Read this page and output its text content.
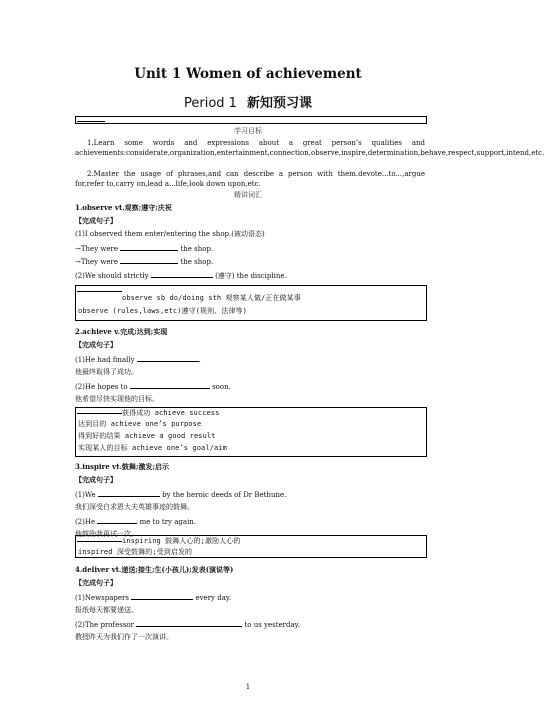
Unit 1 Women of achievement
Period 1 新知预习课
学习目标
1.Learn some words and expressions about a great person’s qualities and achievements:considerate,organization,entertainment,connection,observe,inspire,determination,behave,respect,support,intend,etc.
2.Master the usage of phrases,and can describe a person with them.devote...to...,argue for,refer to,carry on,lead a...life,look down upon,etc.
精讲词汇
1.observe vt.观察;遵守;庆祝
【完成句子】
(1)I observed them enter/entering the shop.(被动语态)
→They were	the shop.
→They were	the shop.
(2)We should strictly	(遵守) the discipline.
observe sb do/doing sth 观察某人做/正在做某事
observe (rules,laws,etc)遵守(规则、法律等)
2.achieve v.完成;达到;实现
【完成句子】
(1)He had finally	.
他最终取得了成功。
(2)He hopes to	soon.
他希望尽快实现他的目标。
获得成功 achieve success
达到目的 achieve one’s purpose
得到好的结果 achieve a good result
实现某人的目标 achieve one’s goal/aim
3.inspire vt.鼓舞;激发;启示
【完成句子】
(1)We	by the heroic deeds of Dr Bethune.
我们深受白求恩大夫英雄事迹的鼓舞。
(2)He	me to try again.
他鼓励我再试一次。
inspiring 鼓舞人心的;激励人心的
inspired 深受鼓舞的;受到启发的
4.deliver vt.递送;接生;生(小孩儿);发表(演说等)
【完成句子】
(1)Newspapers	every day.
报纸每天都要递送。
(2)The professor	to us yesterday.
教授昨天为我们作了一次演讲。
1
